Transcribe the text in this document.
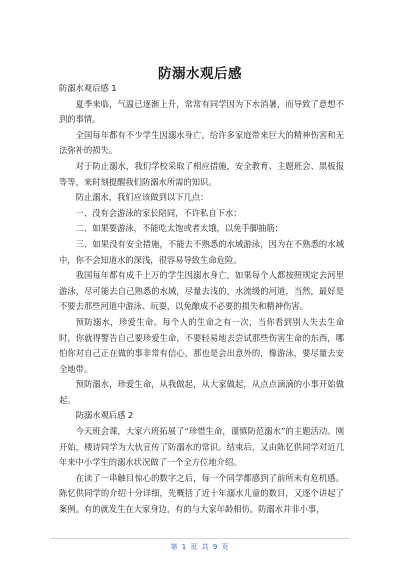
防溺水观后感

防溺水观后感 1

夏季来临，气温已逐渐上升，常常有同学因为下水消暑，而导致了意想不到的事情。

全国每年都有不少学生因溺水身亡，给许多家庭带来巨大的精神伤害和无法弥补的损失。

对于防止溺水，我们学校采取了相应措施，安全教育、主题班会、黑板报等等，来时刻提醒我们防溺水所需的知识。

防止溺水，我们应该做到以下几点：

一、没有会游泳的家长陪同，不许私自下水；

二、如果要游泳，不能吃太饱或者太饿，以免手脚抽筋；

三、如果没有安全措施，不能去不熟悉的水域游泳，因为在不熟悉的水域中，你不会知道水的深浅，很容易导致生命危险。

我国每年都有成千上万的学生因溺水身亡，如果每个人都按照规定去河里游泳，尽可能去自己熟悉的水域，尽量去浅的，水流缓的河道，当然，最好是不要去那些河道中游泳、玩耍，以免酿成不必要的损失和精神伤害。

预防溺水，珍爱生命。每个人的生命之有一次，当你看到别人失去生命时，你就得警告自己要珍爱生命，不要轻易地去尝试那些伤害生命的东西，哪怕你对自己正在做的事非常有信心，那也是会出意外的，像游泳，要尽量去安全地带。

预防溺水，珍爱生命，从我做起，从大家做起，从点点滴滴的小事开始做起。

防溺水观后感 2

今天班会课，大家六班拓展了“珍惜生命，谨慎防范溺水”的主题活动。刚开始，楼诗同学为大伙宣传了防溺水的常识。结束后，又由陈忆供同学对近几年来中小学生的溺水状况做了一个全方位地介绍。

在读了一串触目惊心的数字之后，每一个同学都感到了前所未有危机感。陈忆供同学的介绍十分详细，先概括了近十年溺水儿童的数目，又逐个讲起了案例。有的就发生在大家身边，有的与大家年龄相仿。防溺水并非小事，

第 1 页 共 9 页
